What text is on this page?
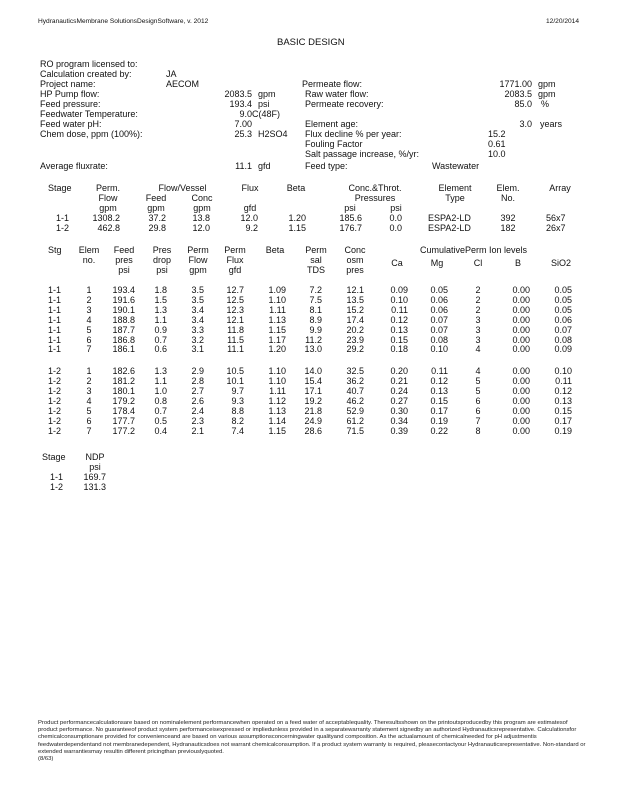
HydranauticsMembrane SolutionsDesignSoftware, v. 2012	12/20/2014
BASIC DESIGN
RO program licensed to:
Calculation created by:	JA
Project name:	AECOM
HP Pump flow:	2083.5 gpm
Feed pressure:	193.4 psi
Feedwater Temperature:	9.0 C(48F)
Feed water pH:	7.00
Chem dose, ppm (100%):	25.3 H2SO4
Average fluxrate:	11.1 gfd
Permeate flow:	1771.00 gpm
Raw water flow:	2083.5 gpm
Permeate recovery:	85.0 %
Element age:	3.0 years
Flux decline % per year:	15.2
Fouling Factor	0.61
Salt passage increase, %/yr:	10.0
Feed type:	Wastewater
Stage	Perm.
Flow
Flow/Vessel
Feed	Conc
Flux	Beta	Conc.&Throt.
Pressures
Element
Type
Elem.
No.
Array
gpm	gpm	gpm	gfd	psi	psi
1-1	1308.2	37.2	13.8	12.0	1.20	185.6	0.0	ESPA2-LD	392	56x7
1-2	462.8	29.8	12.0	9.2	1.15	176.7	0.0	ESPA2-LD	182	26x7
Stg	Elem
no.
Feed
pres
psi
Pres
drop
psi
Perm
Flow
gpm
Perm
Flux
gfd
Beta	Perm
sal
TDS
Conc
osm
pres
CumulativePerm Ion levels
Ca	Mg	Cl	B	SiO2
1-1	1	193.4	1.8	3.5	12.7	1.09	7.2	12.1	0.09	0.05	2	0.00	0.05
1-1	2	191.6	1.5	3.5	12.5	1.10	7.5	13.5	0.10	0.06	2	0.00	0.05
1-1	3	190.1	1.3	3.4	12.3	1.11	8.1	15.2	0.11	0.06	2	0.00	0.05
1-1	4	188.8	1.1	3.4	12.1	1.13	8.9	17.4	0.12	0.07	3	0.00	0.06
1-1	5	187.7	0.9	3.3	11.8	1.15	9.9	20.2	0.13	0.07	3	0.00	0.07
1-1	6	186.8	0.7	3.2	11.5	1.17	11.2	23.9	0.15	0.08	3	0.00	0.08
1-1	7	186.1	0.6	3.1	11.1	1.20	13.0	29.2	0.18	0.10	4	0.00	0.09
1-2	1	182.6	1.3	2.9	10.5	1.10	14.0	32.5	0.20	0.11	4	0.00	0.10
1-2	2	181.2	1.1	2.8	10.1	1.10	15.4	36.2	0.21	0.12	5	0.00	0.11
1-2	3	180.1	1.0	2.7	9.7	1.11	17.1	40.7	0.24	0.13	5	0.00	0.12
1-2	4	179.2	0.8	2.6	9.3	1.12	19.2	46.2	0.27	0.15	6	0.00	0.13
1-2	5	178.4	0.7	2.4	8.8	1.13	21.8	52.9	0.30	0.17	6	0.00	0.15
1-2	6	177.7	0.5	2.3	8.2	1.14	24.9	61.2	0.34	0.19	7	0.00	0.17
1-2	7	177.2	0.4	2.1	7.4	1.15	28.6	71.5	0.39	0.22	8	0.00	0.19
Stage	NDP
psi
1-1	169.7
1-2	131.3
Product performancecalculationsare based on nominalelement performancewhen operated on a feed water of acceptablequality. Theresultsshown on the printoutsproducedby this program are estimatesof product performance. No guaranteeof product system performanceisexpressed or impliedunless provided in a separatewarranty statement signedby an authorized Hydranauticsrepresentative. Calculationsfor chemicalconsumptionare provided for convenienceand are based on various assumptionsconcerningwater qualityand composition. As the actualamount of chemicalneeded for pH adjustmentis feedwaterdependentand not membranedependent, Hydranauticsdoes not warrant chemicalconsumption. If a product system warranty is required, pleasecontactyour Hydranauticsrepresentative. Non-standard or extended warrantiesmay resultin different pricingthan previouslyquoted.
(8/63)
